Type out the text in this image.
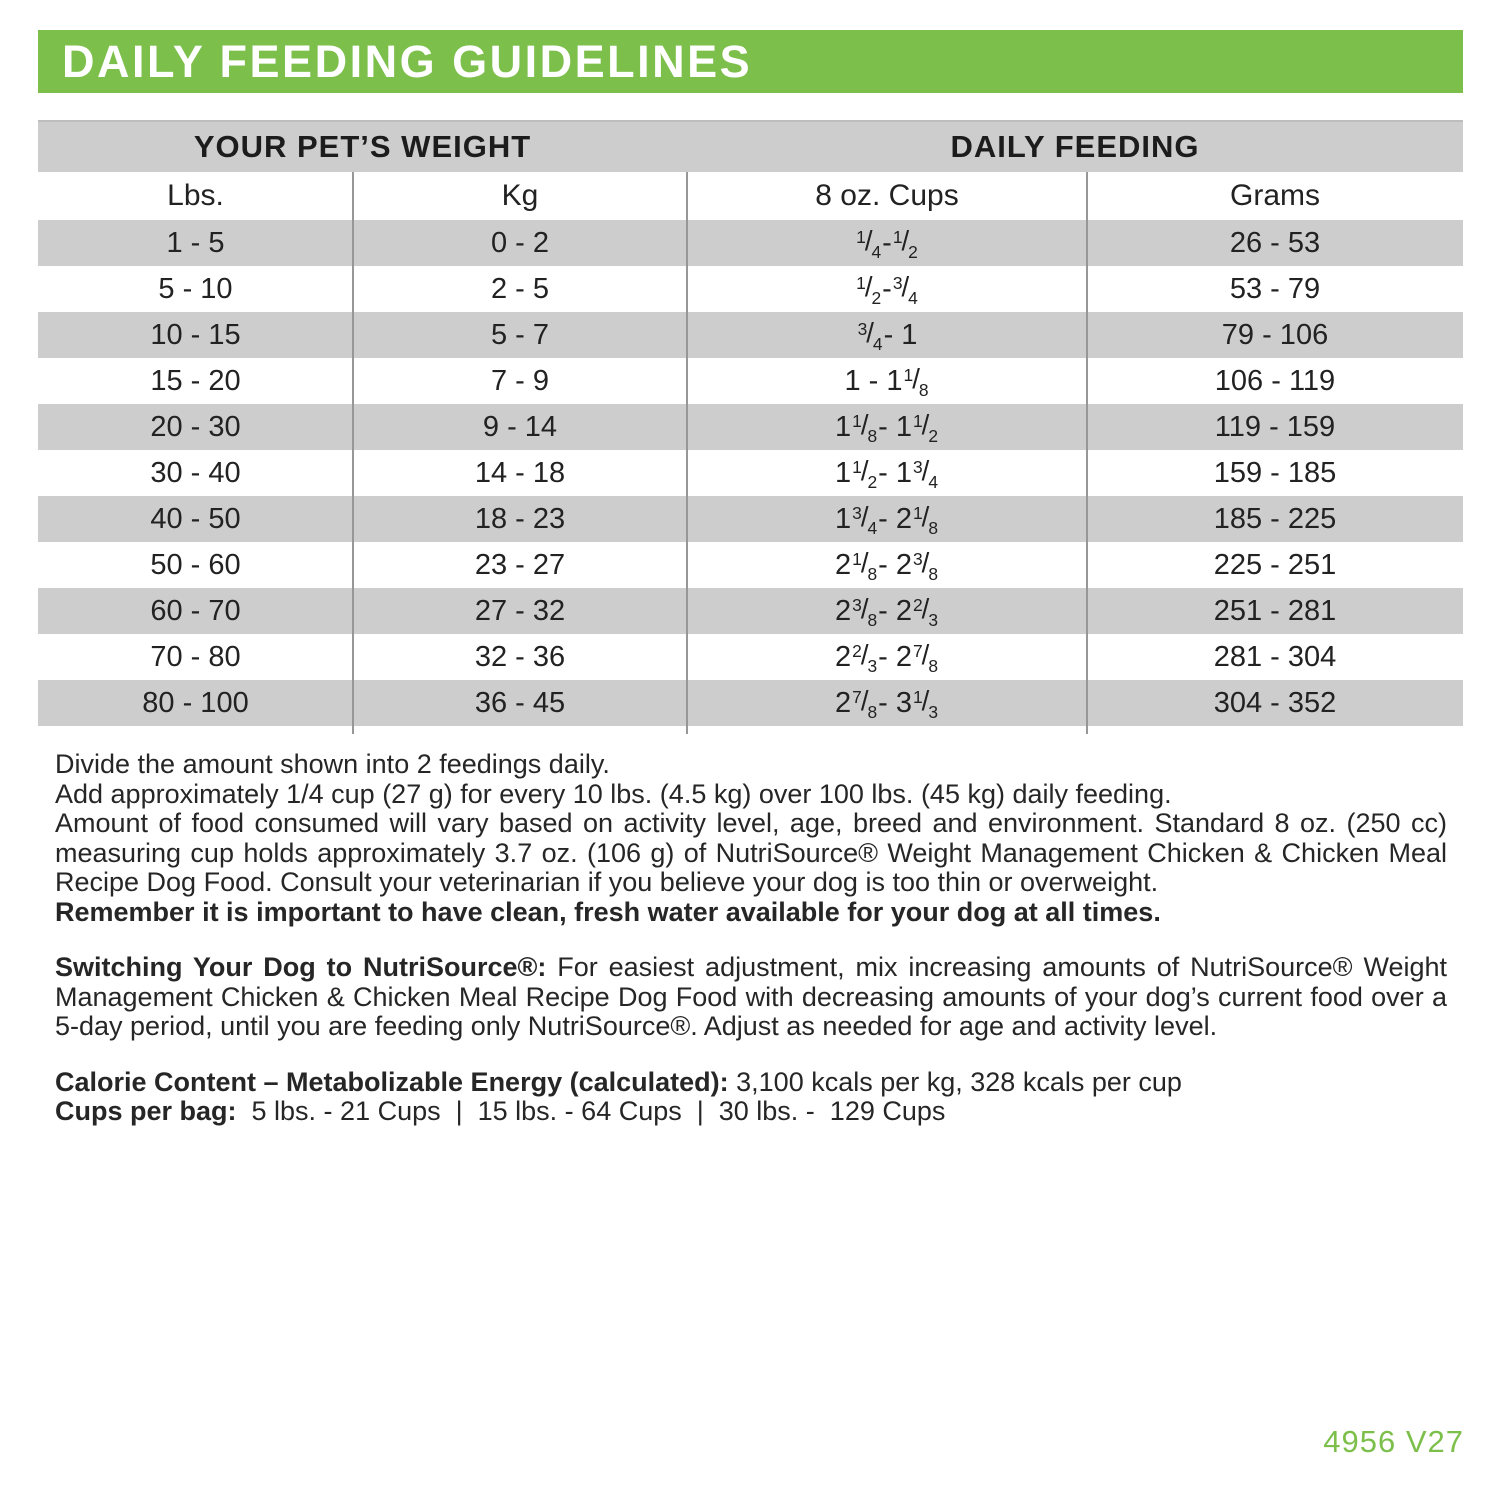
DAILY FEEDING GUIDELINES
YOUR PET’S WEIGHT	DAILY FEEDING
Lbs.	Kg	8 oz. Cups	Grams
1 - 5	0 - 2	$^1/_4 - ^1/_2$	26 - 53
5 - 10	2 - 5	$^1/_2 - ^3/_4$	53 - 79
10 - 15	5 - 7	$^3/_4 - 1$	79 - 106
15 - 20	7 - 9	1 - 1 $^1/_8$	106 - 119
20 - 30	9 - 14	1 $^1/_8 - 1$ $^1/_2$	119 - 159
30 - 40	14 - 18	1 $^1/_2 - 1$ $^3/_4$	159 - 185
40 - 50	18 - 23	1 $^3/_4 - 2$ $^1/_8$	185 - 225
50 - 60	23 - 27	2 $^1/_8 - 2$ $^3/_8$	225 - 251
60 - 70	27 - 32	2 $^3/_8 - 2$ $^2/_3$	251 - 281
70 - 80	32 - 36	2 $^2/_3 - 2$ $^7/_8$	281 - 304
80 - 100	36 - 45	2 $^7/_8 - 3$ $^1/_3$	304 - 352

Divide the amount shown into 2 feedings daily.

Add approximately 1/4 cup (27 g) for every 10 lbs. (4.5 kg) over 100 lbs. (45 kg) daily feeding.

Amount of food consumed will vary based on activity level, age, breed and environment. Standard 8 oz. (250 cc) measuring cup holds approximately 3.7 oz. (106 g) of NutriSource® Weight Management Chicken & Chicken Meal Recipe Dog Food. Consult your veterinarian if you believe your dog is too thin or overweight.

Remember it is important to have clean, fresh water available for your dog at all times.

Switching Your Dog to NutriSource®: For easiest adjustment, mix increasing amounts of NutriSource® Weight Management Chicken & Chicken Meal Recipe Dog Food with decreasing amounts of your dog’s current food over a 5-day period, until you are feeding only NutriSource®. Adjust as needed for age and activity level.

Calorie Content – Metabolizable Energy (calculated): 3,100 kcals per kg, 328 kcals per cup

Cups per bag:  5 lbs. - 21 Cups  |  15 lbs. - 64 Cups  |  30 lbs. -  129 Cups

4956 V27
